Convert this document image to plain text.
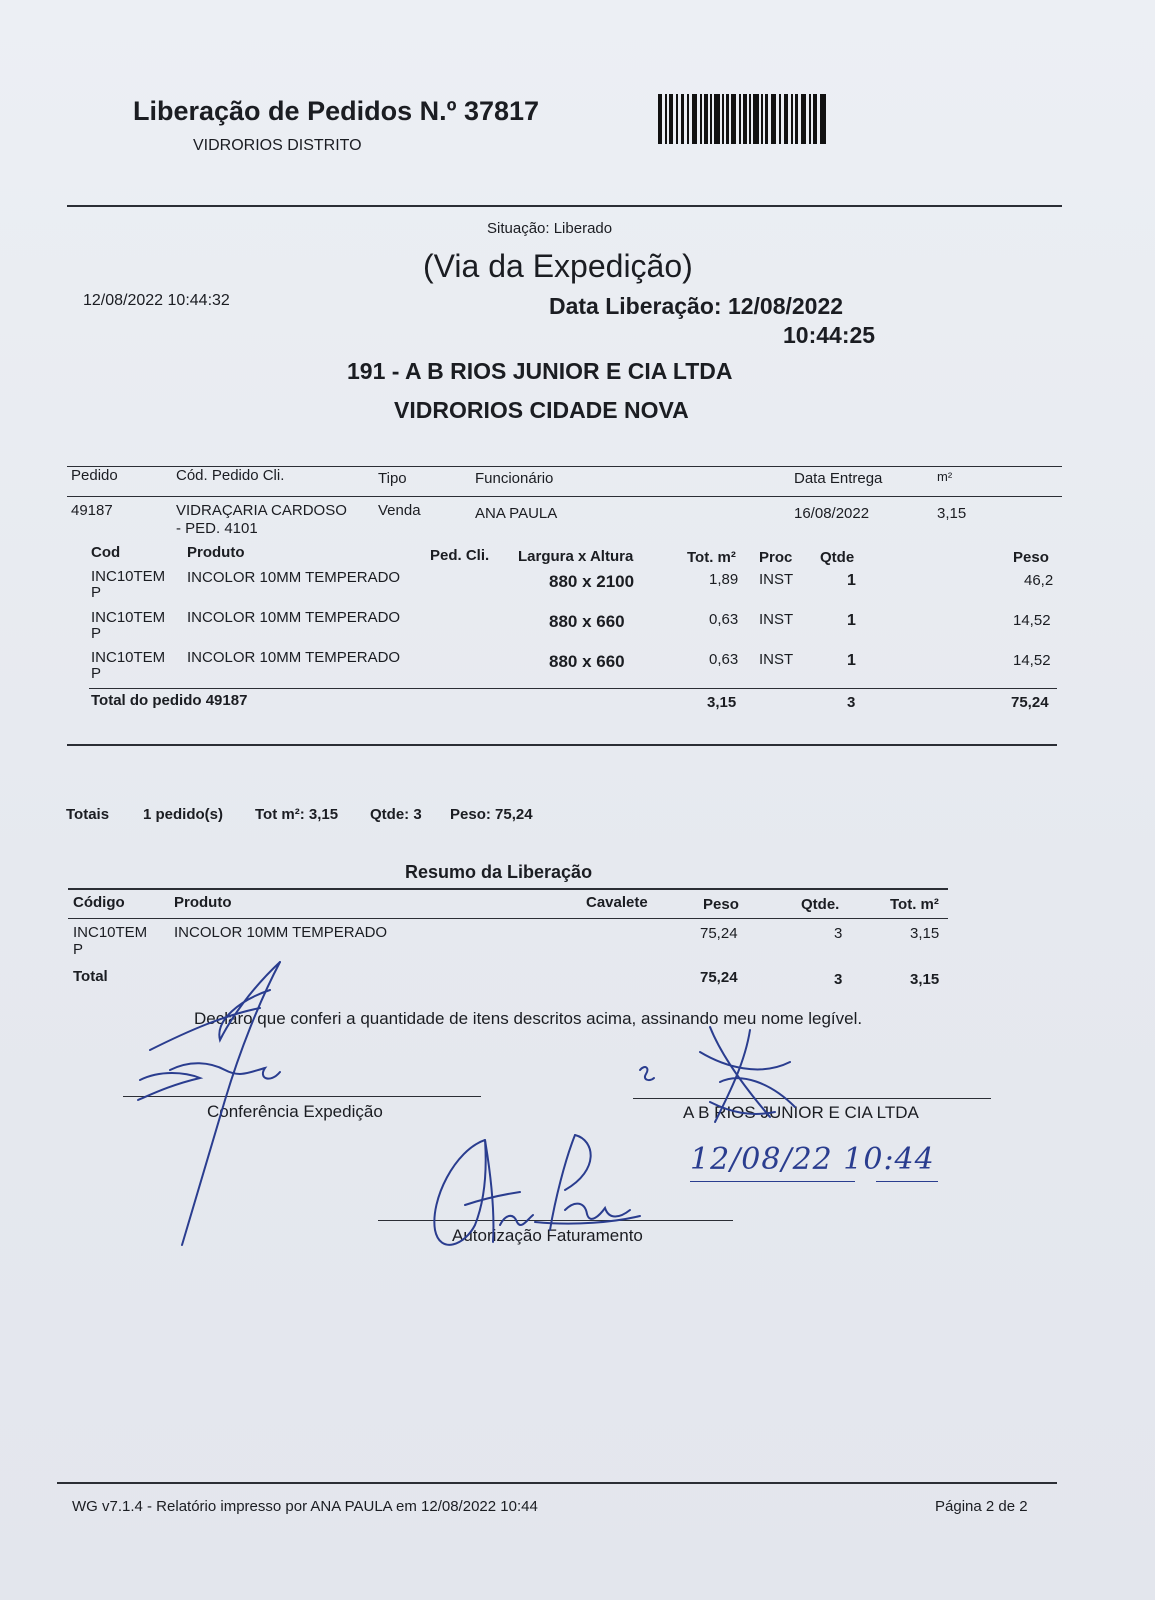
Liberação de Pedidos N.º 37817
VIDRORIOS DISTRITO
Situação: Liberado
(Via da Expedição)
12/08/2022 10:44:32	Data Liberação: 12/08/2022
10:44:25
191 - A B RIOS JUNIOR E CIA LTDA
VIDRORIOS CIDADE NOVA
Pedido	Cód. Pedido Cli.	Tipo	Funcionário	Data Entrega	m²
49187	VIDRAÇARIA CARDOSO
- PED. 4101
Venda	ANA PAULA	16/08/2022	3,15
Cod	Produto	Ped. Cli. Largura x Altura	Tot. m² Proc Qtde	Peso
INC10TEM
P
INCOLOR 10MM TEMPERADO	880 x 2100	1,89 INST	1	46,2
INC10TEM
P
INCOLOR 10MM TEMPERADO	880 x 660	0,63 INST	1	14,52
INC10TEM
P
INCOLOR 10MM TEMPERADO	880 x 660	0,63 INST	1	14,52
Total do pedido 49187	3,15	3	75,24
Totais 1 pedido(s) Tot m²: 3,15 Qtde: 3 Peso: 75,24
Resumo da Liberação
Código	Produto	Cavalete	Peso	Qtde.	Tot. m²
INC10TEM
P
INCOLOR 10MM TEMPERADO	75,24	3	3,15
Total	75,24	3	3,15
Declaro que conferi a quantidade de itens descritos acima, assinando meu nome legível.
Conferência Expedição	A B RIOS JUNIOR E CIA LTDA
Autorização Faturamento
12/08/22 10:44
WG v7.1.4 - Relatório impresso por ANA PAULA em 12/08/2022 10:44	Página 2 de 2
